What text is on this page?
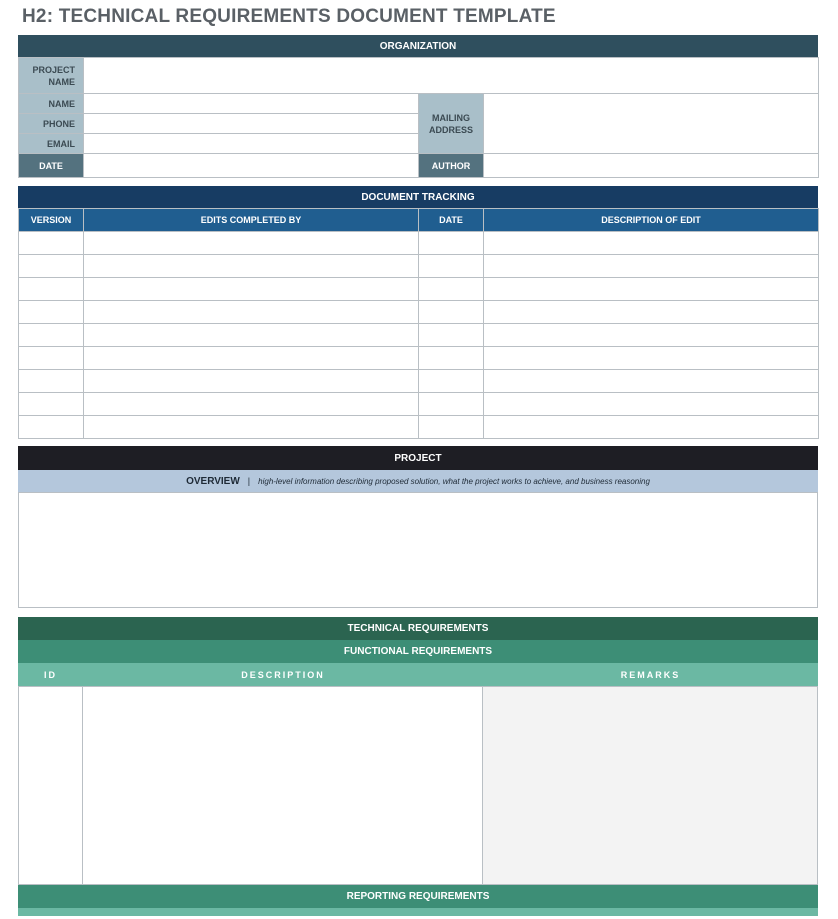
H2: TECHNICAL REQUIREMENTS DOCUMENT TEMPLATE
ORGANIZATION
PROJECT NAME			
NAME		MAILING ADDRESS	
PHONE			
EMAIL			
DATE		AUTHOR	
DOCUMENT TRACKING
VERSION	EDITS COMPLETED BY	DATE	DESCRIPTION OF EDIT

PROJECT
OVERVIEW | high-level information describing proposed solution, what the project works to achieve, and business reasoning
TECHNICAL REQUIREMENTS
FUNCTIONAL REQUIREMENTS
ID	DESCRIPTION	REMARKS
REPORTING REQUIREMENTS
